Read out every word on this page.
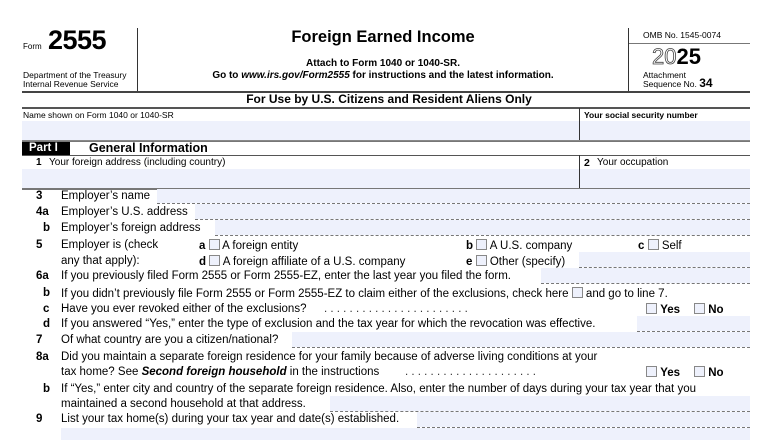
Form 2555
Department of the Treasury
Internal Revenue Service
Foreign Earned Income
Attach to Form 1040 or 1040-SR.
Go to www.irs.gov/Form2555 for instructions and the latest information.
OMB No. 1545-0074
2025
Attachment
Sequence No. 34
For Use by U.S. Citizens and Resident Aliens Only
Name shown on Form 1040 or 1040-SR	Your social security number
Part I	General Information
1 Your foreign address (including country)	2 Your occupation
3 Employer’s name
4a Employer’s U.S. address
b Employer’s foreign address
5 Employer is (check
any that apply):
a A foreign entity	b A U.S. company	c Self
d A foreign affiliate of a U.S. company	e Other (specify)
6a If you previously filed Form 2555 or Form 2555-EZ, enter the last year you filed the form.
b If you didn’t previously file Form 2555 or Form 2555-EZ to claim either of the exclusions, check here and go to line 7.
c Have you ever revoked either of the exclusions? . . . . . . . . . . . . . . . . . . . . . . .	Yes	No
d If you answered “Yes,” enter the type of exclusion and the tax year for which the revocation was effective.
7 Of what country are you a citizen/national?
8a Did you maintain a separate foreign residence for your family because of adverse living conditions at your
tax home? See Second foreign household in the instructions . . . . . . . . . . . . . . . . . . . . .	Yes	No
b If “Yes,” enter city and country of the separate foreign residence. Also, enter the number of days during your tax year that you
maintained a second household at that address.
9 List your tax home(s) during your tax year and date(s) established.
